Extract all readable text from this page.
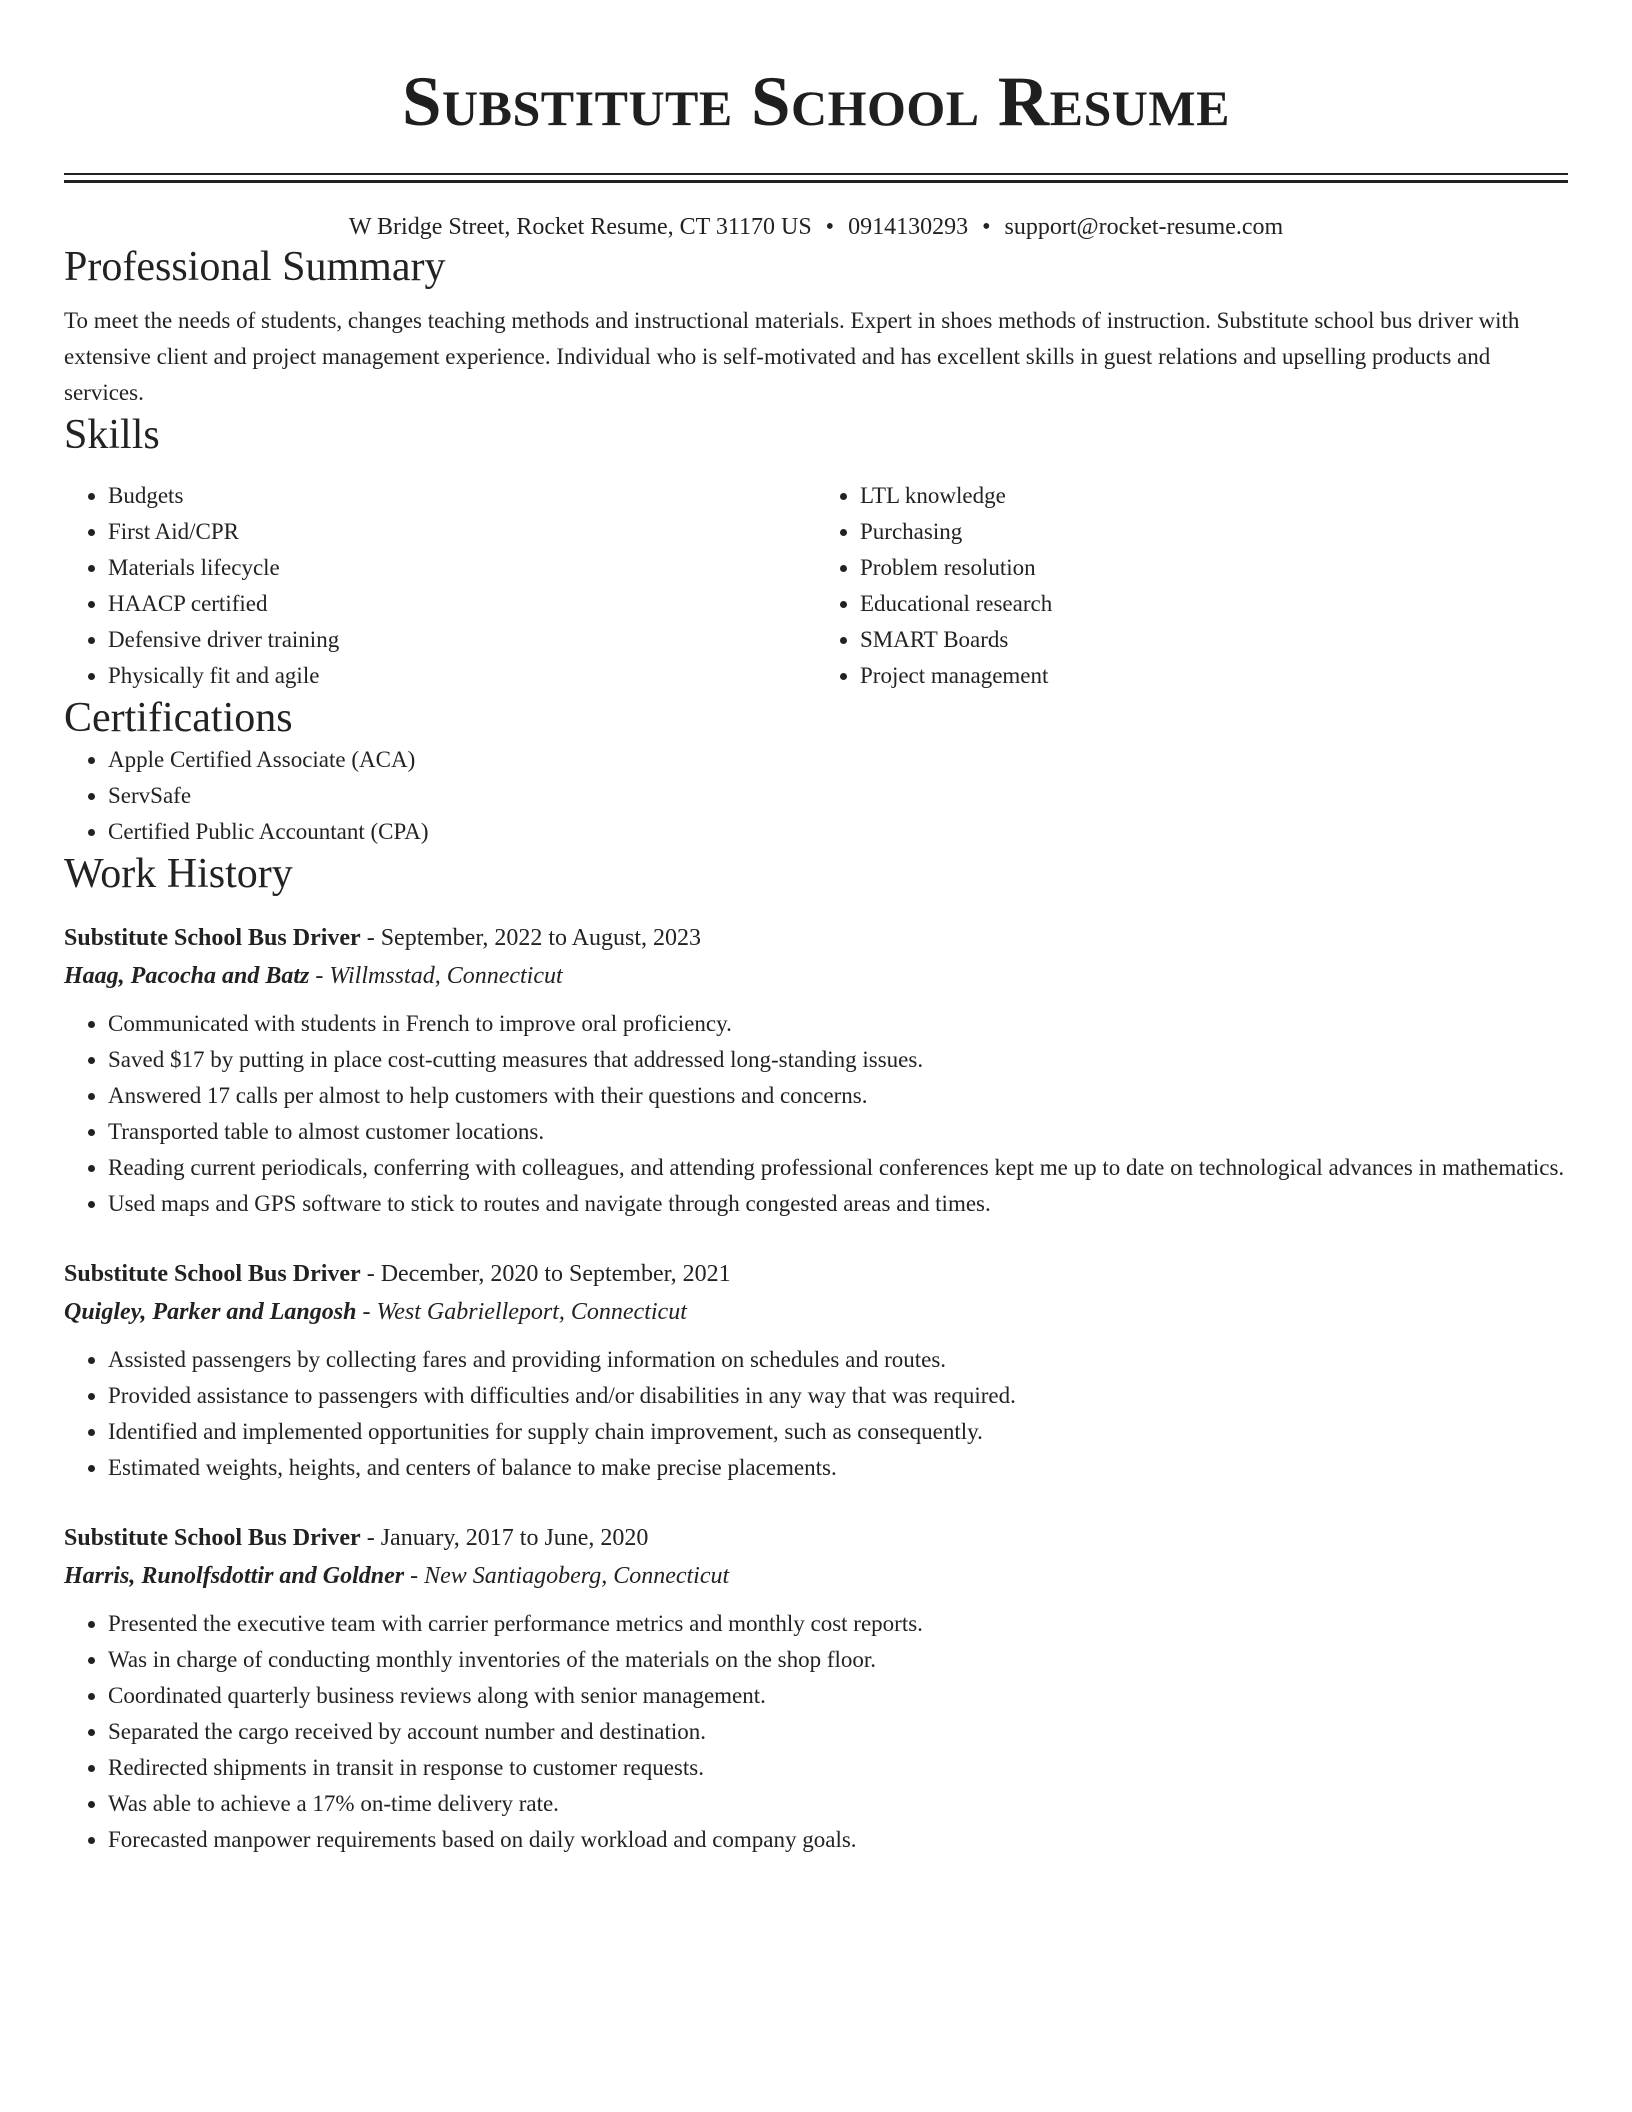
Substitute School Resume
W Bridge Street, Rocket Resume, CT 31170 US • 0914130293 • support@rocket-resume.com
Professional Summary
To meet the needs of students, changes teaching methods and instructional materials. Expert in shoes methods of instruction. Substitute school bus driver with extensive client and project management experience. Individual who is self-motivated and has excellent skills in guest relations and upselling products and services.
Skills
• Budgets
• First Aid/CPR
• Materials lifecycle
• HAACP certified
• Defensive driver training
• Physically fit and agile
• LTL knowledge
• Purchasing
• Problem resolution
• Educational research
• SMART Boards
• Project management
Certifications
• Apple Certified Associate (ACA)
• ServSafe
• Certified Public Accountant (CPA)
Work History
Substitute School Bus Driver - September, 2022 to August, 2023
Haag, Pacocha and Batz - Willmsstad, Connecticut
• Communicated with students in French to improve oral proficiency.
• Saved $17 by putting in place cost-cutting measures that addressed long-standing issues.
• Answered 17 calls per almost to help customers with their questions and concerns.
• Transported table to almost customer locations.
• Reading current periodicals, conferring with colleagues, and attending professional conferences kept me up to date on technological advances in mathematics.
• Used maps and GPS software to stick to routes and navigate through congested areas and times.
Substitute School Bus Driver - December, 2020 to September, 2021
Quigley, Parker and Langosh - West Gabrielleport, Connecticut
• Assisted passengers by collecting fares and providing information on schedules and routes.
• Provided assistance to passengers with difficulties and/or disabilities in any way that was required.
• Identified and implemented opportunities for supply chain improvement, such as consequently.
• Estimated weights, heights, and centers of balance to make precise placements.
Substitute School Bus Driver - January, 2017 to June, 2020
Harris, Runolfsdottir and Goldner - New Santiagoberg, Connecticut
• Presented the executive team with carrier performance metrics and monthly cost reports.
• Was in charge of conducting monthly inventories of the materials on the shop floor.
• Coordinated quarterly business reviews along with senior management.
• Separated the cargo received by account number and destination.
• Redirected shipments in transit in response to customer requests.
• Was able to achieve a 17% on-time delivery rate.
• Forecasted manpower requirements based on daily workload and company goals.
